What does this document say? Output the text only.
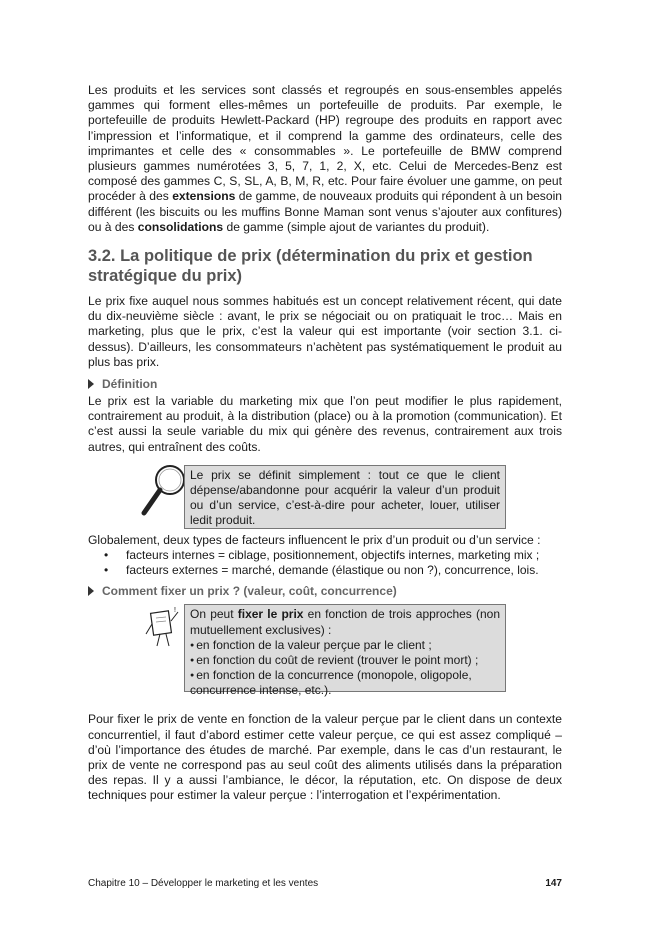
Les produits et les services sont classés et regroupés en sous-ensembles appelés gammes qui forment elles-mêmes un portefeuille de produits. Par exemple, le portefeuille de produits Hewlett-Packard (HP) regroupe des produits en rapport avec l’impression et l’informatique, et il comprend la gamme des ordinateurs, celle des imprimantes et celle des « consommables ». Le portefeuille de BMW comprend plusieurs gammes numérotées 3, 5, 7, 1, 2, X, etc. Celui de Mercedes-Benz est composé des gammes C, S, SL, A, B, M, R, etc. Pour faire évoluer une gamme, on peut procéder à des extensions de gamme, de nouveaux produits qui répondent à un besoin différent (les biscuits ou les muffins Bonne Maman sont venus s’ajouter aux confitures) ou à des consolidations de gamme (simple ajout de variantes du produit).

3.2. La politique de prix (détermination du prix et gestion stratégique du prix)

Le prix fixe auquel nous sommes habitués est un concept relativement récent, qui date du dix-neuvième siècle : avant, le prix se négociait ou on pratiquait le troc… Mais en marketing, plus que le prix, c’est la valeur qui est importante (voir section 3.1. ci-dessus). D’ailleurs, les consommateurs n’achètent pas systématiquement le produit au plus bas prix.

Définition

Le prix est la variable du marketing mix que l’on peut modifier le plus rapidement, contrairement au produit, à la distribution (place) ou à la promotion (communication). Et c’est aussi la seule variable du mix qui génère des revenus, contrairement aux trois autres, qui entraînent des coûts.

Le prix se définit simplement : tout ce que le client dépense/abandonne pour acquérir la valeur d’un produit ou d’un service, c’est-à-dire pour acheter, louer, utiliser ledit produit.

Globalement, deux types de facteurs influencent le prix d’un produit ou d’un service :

• facteurs internes = ciblage, positionnement, objectifs internes, marketing mix ;
• facteurs externes = marché, demande (élastique ou non ?), concurrence, lois.
Comment fixer un prix ? (valeur, coût, concurrence)
! On peut fixer le prix en fonction de trois approches (non mutuellement exclusives) :

● en fonction de la valeur perçue par le client ;
● en fonction du coût de revient (trouver le point mort) ;
● en fonction de la concurrence (monopole, oligopole, concurrence intense, etc.).

Pour fixer le prix de vente en fonction de la valeur perçue par le client dans un contexte concurrentiel, il faut d’abord estimer cette valeur perçue, ce qui est assez compliqué – d’où l’importance des études de marché. Par exemple, dans le cas d’un restaurant, le prix de vente ne correspond pas au seul coût des aliments utilisés dans la préparation des repas. Il y a aussi l’ambiance, le décor, la réputation, etc. On dispose de deux techniques pour estimer la valeur perçue : l’interrogation et l’expérimentation.

Chapitre 10 – Développer le marketing et les ventes	147
